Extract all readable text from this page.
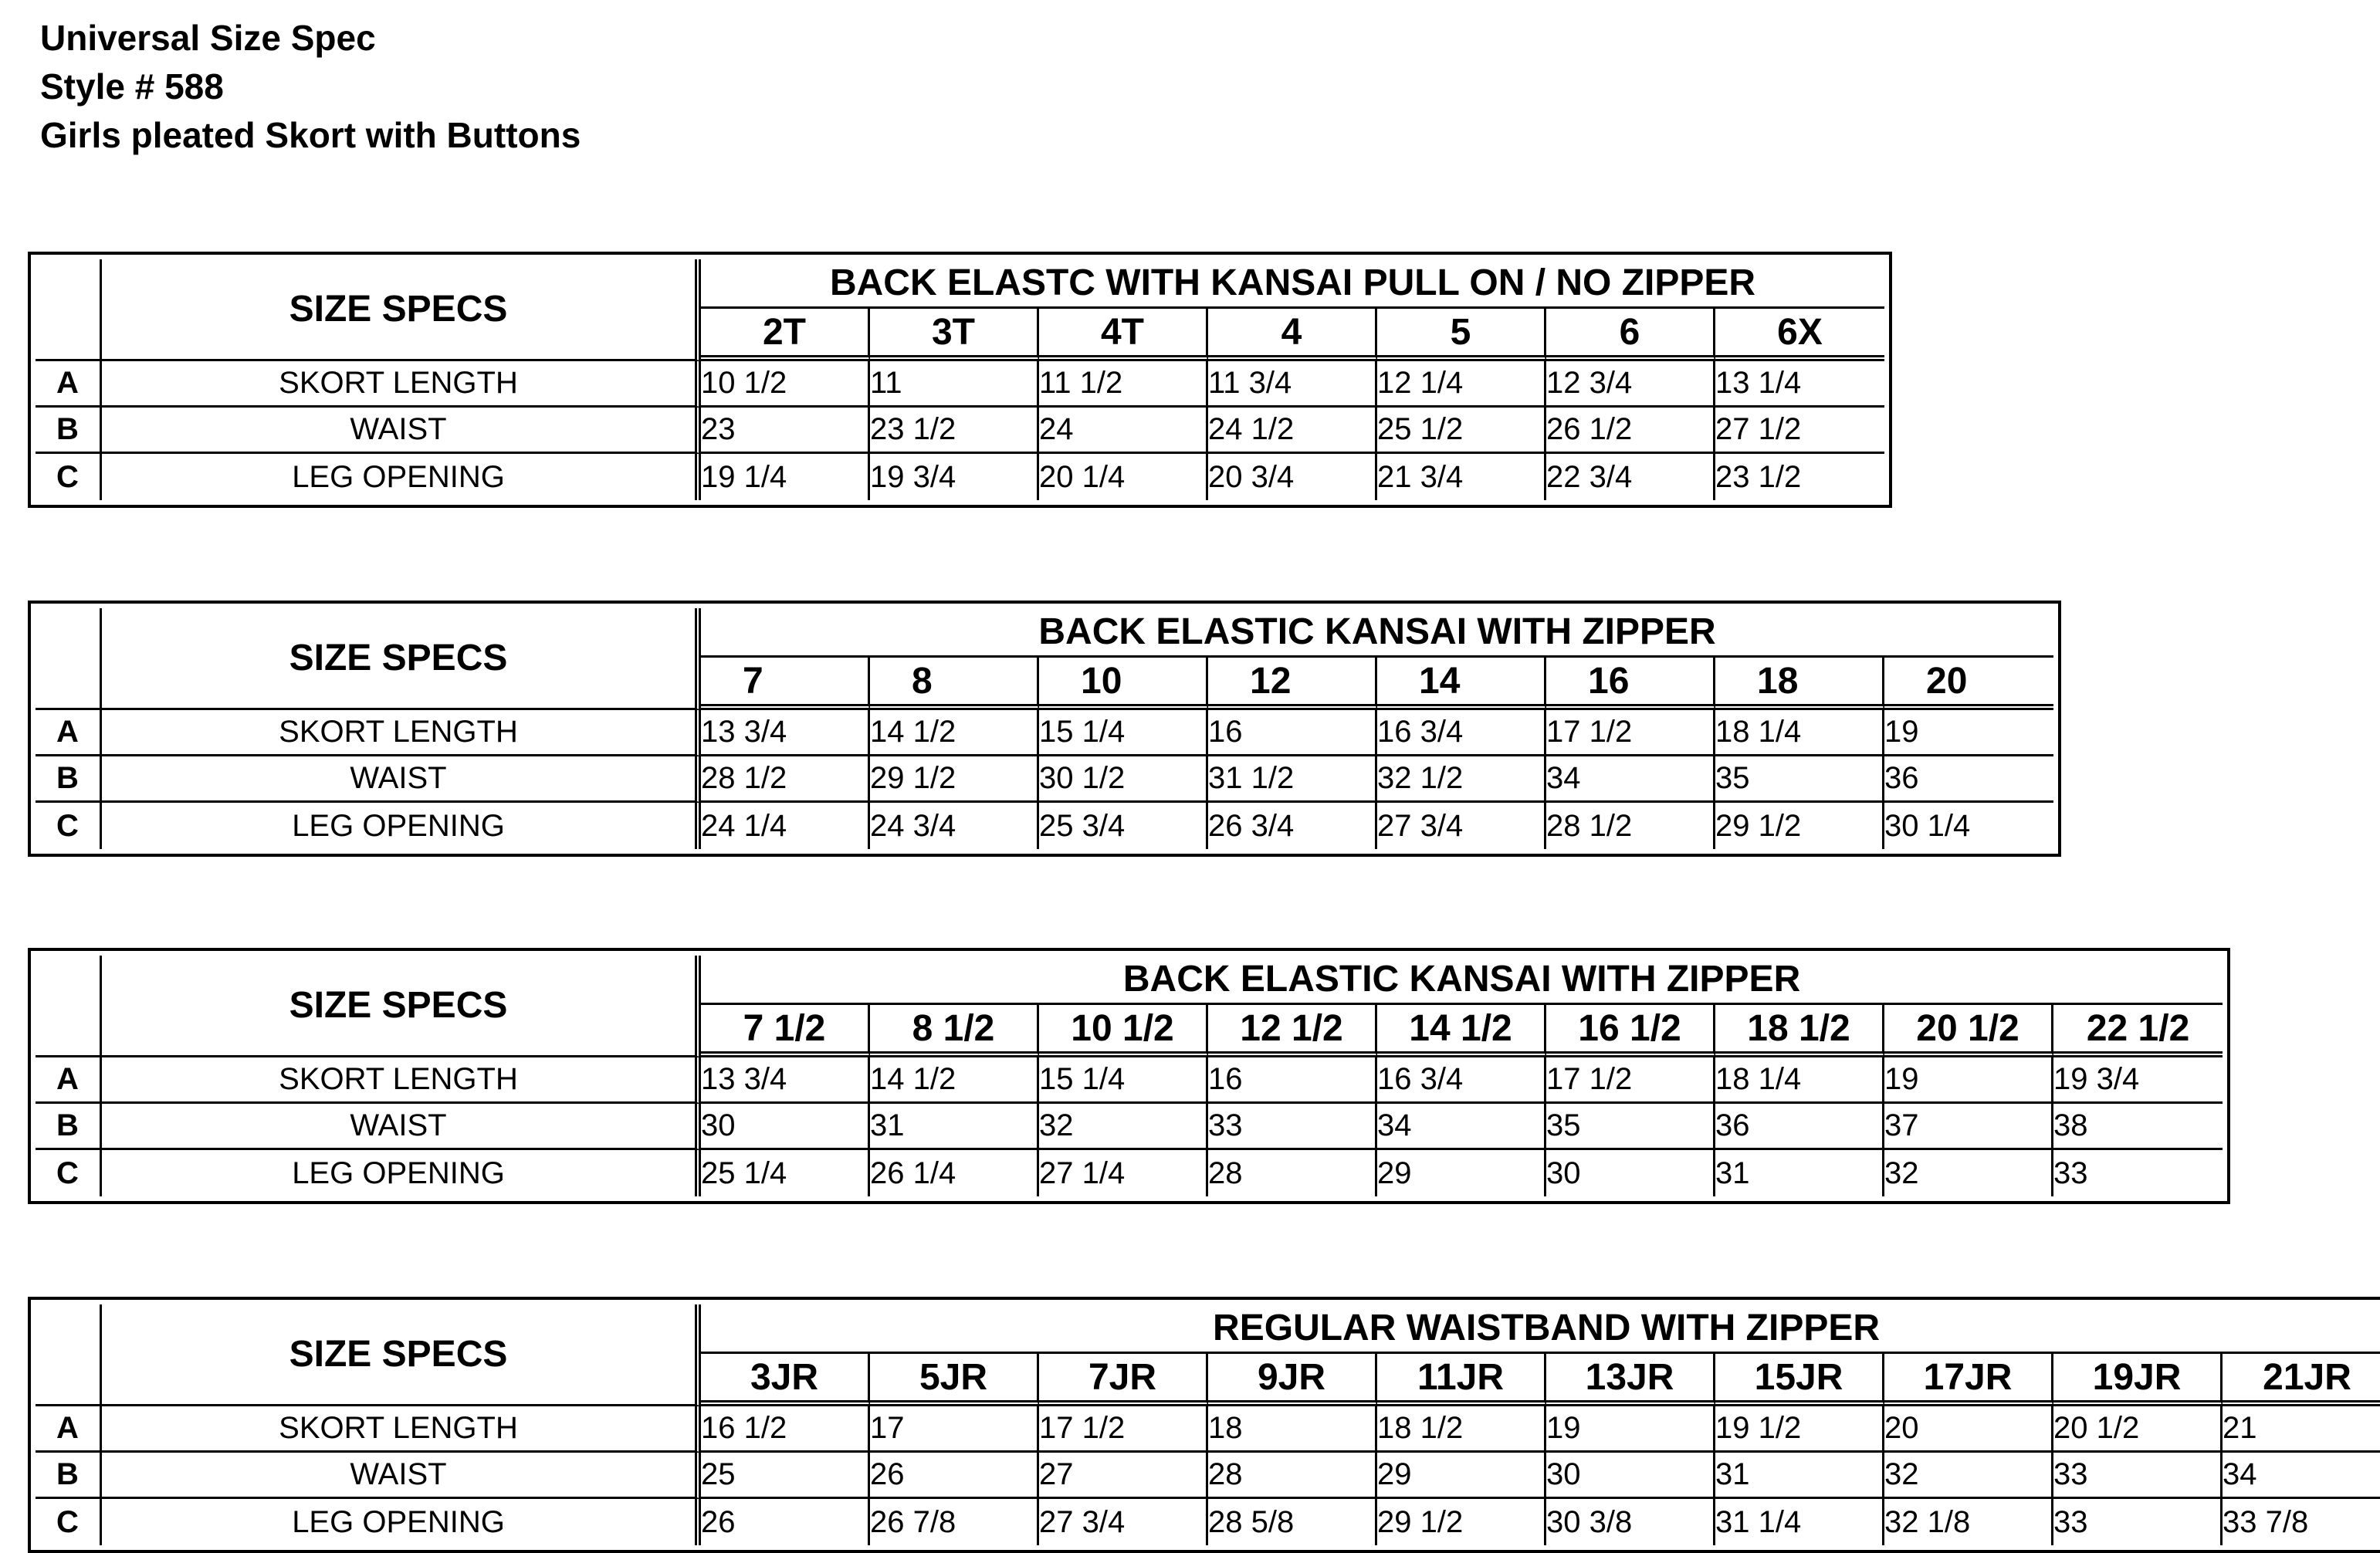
Universal Size Spec
Style # 588
Girls pleated Skort with Buttons
	SIZE SPECS	BACK ELASTC WITH KANSAI PULL ON / NO ZIPPER						
		2T	3T	4T	4	5	6	6X
A	SKORT LENGTH	10 1/2	11	11 1/2	11 3/4	12 1/4	12 3/4	13 1/4
B	WAIST	23	23 1/2	24	24 1/2	25 1/2	26 1/2	27 1/2
C	LEG OPENING	19 1/4	19 3/4	20 1/4	20 3/4	21 3/4	22 3/4	23 1/2
	SIZE SPECS	BACK ELASTIC KANSAI WITH ZIPPER							
		7	8	10	12	14	16	18	20
A	SKORT LENGTH	13 3/4	14 1/2	15 1/4	16	16 3/4	17 1/2	18 1/4	19
B	WAIST	28 1/2	29 1/2	30 1/2	31 1/2	32 1/2	34	35	36
C	LEG OPENING	24 1/4	24 3/4	25 3/4	26 3/4	27 3/4	28 1/2	29 1/2	30 1/4
	SIZE SPECS	BACK ELASTIC KANSAI WITH ZIPPER								
		7 1/2	8 1/2	10 1/2	12 1/2	14 1/2	16 1/2	18 1/2	20 1/2	22 1/2
A	SKORT LENGTH	13 3/4	14 1/2	15 1/4	16	16 3/4	17 1/2	18 1/4	19	19 3/4
B	WAIST	30	31	32	33	34	35	36	37	38
C	LEG OPENING	25 1/4	26 1/4	27 1/4	28	29	30	31	32	33
	SIZE SPECS	REGULAR WAISTBAND WITH ZIPPER									
		3JR	5JR	7JR	9JR	11JR	13JR	15JR	17JR	19JR	21JR
A	SKORT LENGTH	16 1/2	17	17 1/2	18	18 1/2	19	19 1/2	20	20 1/2	21
B	WAIST	25	26	27	28	29	30	31	32	33	34
C	LEG OPENING	26	26 7/8	27 3/4	28 5/8	29 1/2	30 3/8	31 1/4	32 1/8	33	33 7/8
